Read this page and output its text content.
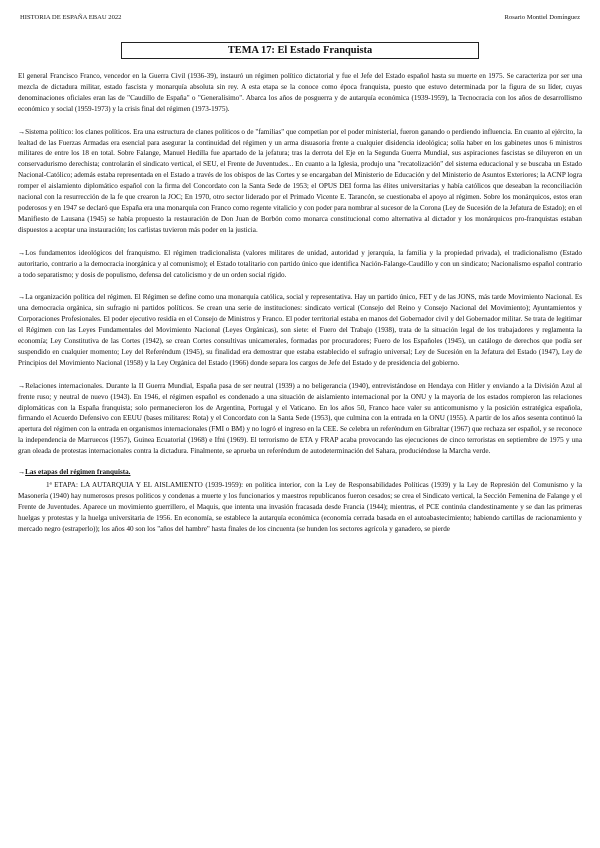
HISTORIA DE ESPAÑA EBAU 2022	Rosario Montiel Domínguez
TEMA 17: El Estado Franquista

El general Francisco Franco, vencedor en la Guerra Civil (1936-39), instauró un régimen político dictatorial y fue el Jefe del Estado español hasta su muerte en 1975. Se caracteriza por ser una mezcla de dictadura militar, estado fascista y monarquía absoluta sin rey. A esta etapa se la conoce como época franquista, puesto que estuvo determinada por la figura de su líder, cuyas denominaciones oficiales eran las de "Caudillo de España" o "Generalísimo". Abarca los años de posguerra y de autarquía económica (1939-1959), la Tecnocracia con los años de desarrollismo económico y social (1959-1973) y la crisis final del régimen (1973-1975).

→Sistema político: los clanes políticos. Era una estructura de clanes políticos o de "familias" que competían por el poder ministerial, fueron ganando o perdiendo influencia. En cuanto al ejército, la lealtad de las Fuerzas Armadas era esencial para asegurar la continuidad del régimen y un arma disuasoria frente a cualquier disidencia ideológica; solía haber en los gabinetes unos 6 ministros militares de entre los 18 en total. Sobre Falange, Manuel Hedilla fue apartado de la jefatura; tras la derrota del Eje en la Segunda Guerra Mundial, sus aspiraciones fascistas se diluyeron en un conservadurismo derechista; controlarán el sindicato vertical, el SEU, el Frente de Juventudes... En cuanto a la Iglesia, produjo una "recatolización" del sistema educacional y se buscaba un Estado Nacional-Católico; además estaba representada en el Estado a través de los obispos de las Cortes y se encargaban del Ministerio de Educación y del Ministerio de Asuntos Exteriores; la ACNP logra romper el aislamiento diplomático español con la firma del Concordato con la Santa Sede de 1953; el OPUS DEI forma las élites universitarias y había católicos que deseaban la reconciliación nacional con la resurrección de la fe que crearon la JOC; En 1970, otro sector liderado por el Primado Vicente E. Tarancón, se cuestionaba el apoyo al régimen. Sobre los monárquicos, estos eran poderosos y en 1947 se declaró que España era una monarquía con Franco como regente vitalicio y con poder para nombrar al sucesor de la Corona (Ley de Sucesión de la Jefatura de Estado); en el Manifiesto de Lausana (1945) se había propuesto la restauración de Don Juan de Borbón como monarca constitucional como alternativa al dictador y los monárquicos pro-franquistas estaban dispuestos a aceptar una instauración; los carlistas tuvieron más poder en la justicia.

→Los fundamentos ideológicos del franquismo. El régimen tradicionalista (valores militares de unidad, autoridad y jerarquía, la familia y la propiedad privada), el tradicionalismo (Estado autoritario, contrario a la democracia inorgánica y al comunismo); el Estado totalitario con partido único que identifica Nación-Falange-Caudillo y con un sindicato; Nacionalismo español contrario a todo separatismo; y dosis de populismo, defensa del catolicismo y de un orden social rígido.

→La organización política del régimen. El Régimen se define como una monarquía católica, social y representativa. Hay un partido único, FET y de las JONS, más tarde Movimiento Nacional. Es una democracia orgánica, sin sufragio ni partidos políticos. Se crean una serie de instituciones: sindicato vertical (Consejo del Reino y Consejo Nacional del Movimiento); Ayuntamientos y Corporaciones Profesionales. El poder ejecutivo residía en el Consejo de Ministros y Franco. El poder territorial estaba en manos del Gobernador civil y del Gobernador militar. Se trata de legitimar el Régimen con las Leyes Fundamentales del Movimiento Nacional (Leyes Orgánicas), son siete: el Fuero del Trabajo (1938), trata de la situación legal de los trabajadores y reglamenta la economía; Ley Constitutiva de las Cortes (1942), se crean Cortes consultivas unicamerales, formadas por procuradores; Fuero de los Españoles (1945), un catálogo de derechos que podía ser suspendido en cualquier momento; Ley del Referéndum (1945), su finalidad era demostrar que estaba establecido el sufragio universal; Ley de Sucesión en la Jefatura del Estado (1947), Ley de Principios del Movimiento Nacional (1958) y la Ley Orgánica del Estado (1966) donde separa los cargos de Jefe del Estado y de presidencia del gobierno.

→Relaciones internacionales. Durante la II Guerra Mundial, España pasa de ser neutral (1939) a no beligerancia (1940), entrevistándose en Hendaya con Hitler y enviando a la División Azul al frente ruso; y neutral de nuevo (1943). En 1946, el régimen español es condenado a una situación de aislamiento internacional por la ONU y la mayoría de los estados rompieron las relaciones diplomáticas con la España franquista; solo permanecieron los de Argentina, Portugal y el Vaticano. En los años 50, Franco hace valer su anticomunismo y la posición estratégica española, firmando el Acuerdo Defensivo con EEUU (bases militares: Rota) y el Concordato con la Santa Sede (1953), que culmina con la entrada en la ONU (1955). A partir de los años sesenta continuó la apertura del régimen con la entrada en organismos internacionales (FMI o BM) y no logró el ingreso en la CEE. Se celebra un referéndum en Gibraltar (1967) que rechaza ser español, y se reconoce la independencia de Marruecos (1957), Guinea Ecuatorial (1968) e Ifni (1969). El terrorismo de ETA y FRAP acaba provocando las ejecuciones de cinco terroristas en septiembre de 1975 y una gran oleada de protestas internacionales contra la dictadura. Finalmente, se aprueba un referéndum de autodeterminación del Sahara, produciéndose la Marcha verde.

→Las etapas del régimen franquista.

1ª ETAPA: LA AUTARQUIA Y EL AISLAMIENTO (1939-1959): en política interior, con la Ley de Responsabilidades Políticas (1939) y la Ley de Represión del Comunismo y la Masonería (1940) hay numerosos presos políticos y condenas a muerte y los funcionarios y maestros republicanos fueron cesados; se crea el Sindicato vertical, la Sección Femenina de Falange y el Frente de Juventudes. Aparece un movimiento guerrillero, el Maquis, que intenta una invasión fracasada desde Francia (1944); mientras, el PCE continúa clandestinamente y se dan las primeras huelgas y protestas y la huelga universitaria de 1956. En economía, se establece la autarquía económica (economía cerrada basada en el autoabastecimiento; habiendo cartillas de racionamiento y mercado negro (estraperlo)); los años 40 son los "años del hambre" hasta finales de los cincuenta (se hunden los sectores agrícola y ganadero, se pierde
